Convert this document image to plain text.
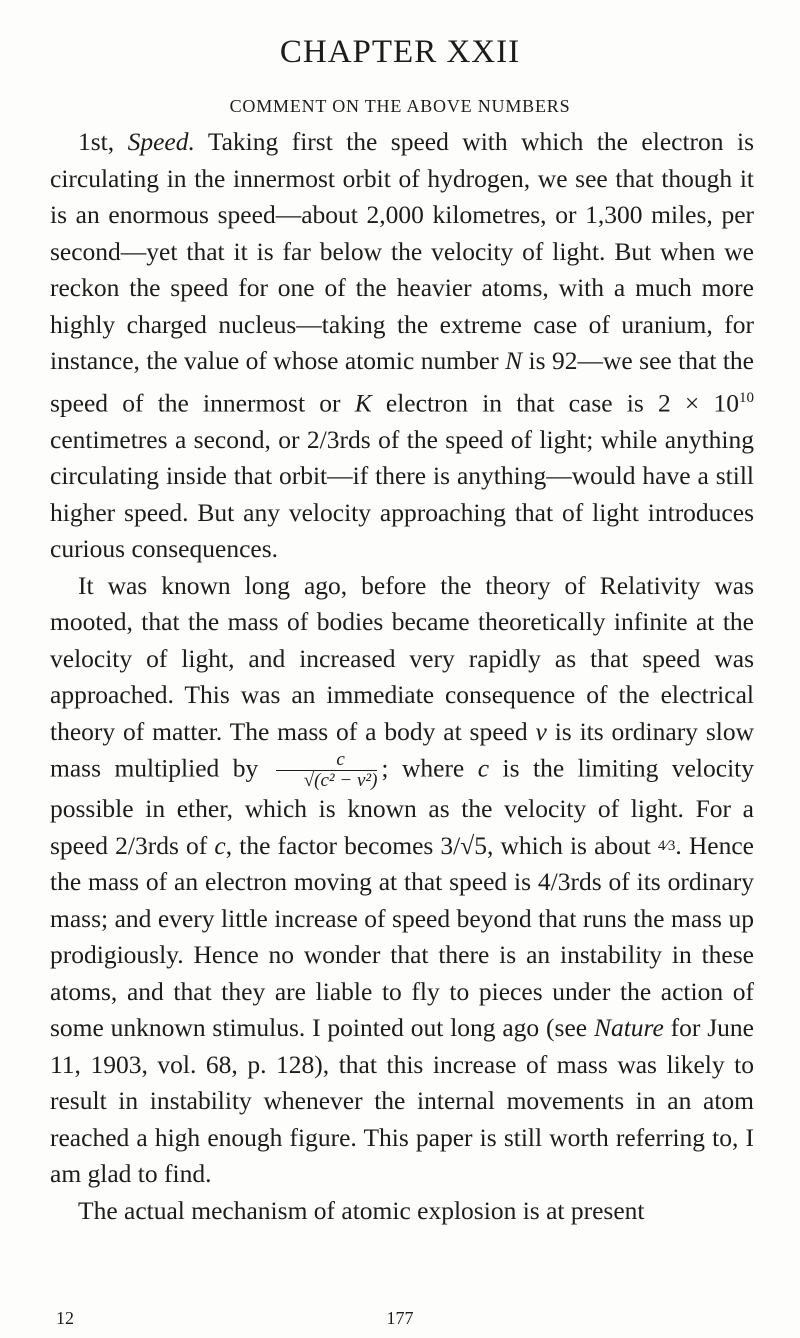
CHAPTER XXII
COMMENT ON THE ABOVE NUMBERS

1st, Speed. Taking first the speed with which the electron is circulating in the innermost orbit of hydrogen, we see that though it is an enormous speed—about 2,000 kilometres, or 1,300 miles, per second—yet that it is far below the velocity of light. But when we reckon the speed for one of the heavier atoms, with a much more highly charged nucleus—taking the extreme case of uranium, for instance, the value of whose atomic number N is 92—we see that the speed of the innermost or K electron in that case is $2 \times 10^{10}$ centimetres a second, or 2/3rds of the speed of light; while anything circulating inside that orbit—if there is anything—would have a still higher speed. But any velocity approaching that of light introduces curious consequences.

It was known long ago, before the theory of Relativity was mooted, that the mass of bodies became theoretically infinite at the velocity of light, and increased very rapidly as that speed was approached. This was an immediate consequence of the electrical theory of matter. The mass of a body at speed v is its ordinary slow mass multiplied by $\frac{c}{\text{√(c² − v²)}}$ ; where c is the limiting velocity possible in ether, which is known as the velocity of light. For a speed 2/3rds of c, the factor becomes 3/√5, which is about 4⁄3. Hence the mass of an electron moving at that speed is 4/3rds of its ordinary mass; and every little increase of speed beyond that runs the mass up prodigiously. Hence no wonder that there is an instability in these atoms, and that they are liable to fly to pieces under the action of some unknown stimulus. I pointed out long ago (see Nature for June 11, 1903, vol. 68, p. 128), that this increase of mass was likely to result in instability whenever the internal movements in an atom reached a high enough figure. This paper is still worth referring to, I am glad to find.

The actual mechanism of atomic explosion is at present

12	177
